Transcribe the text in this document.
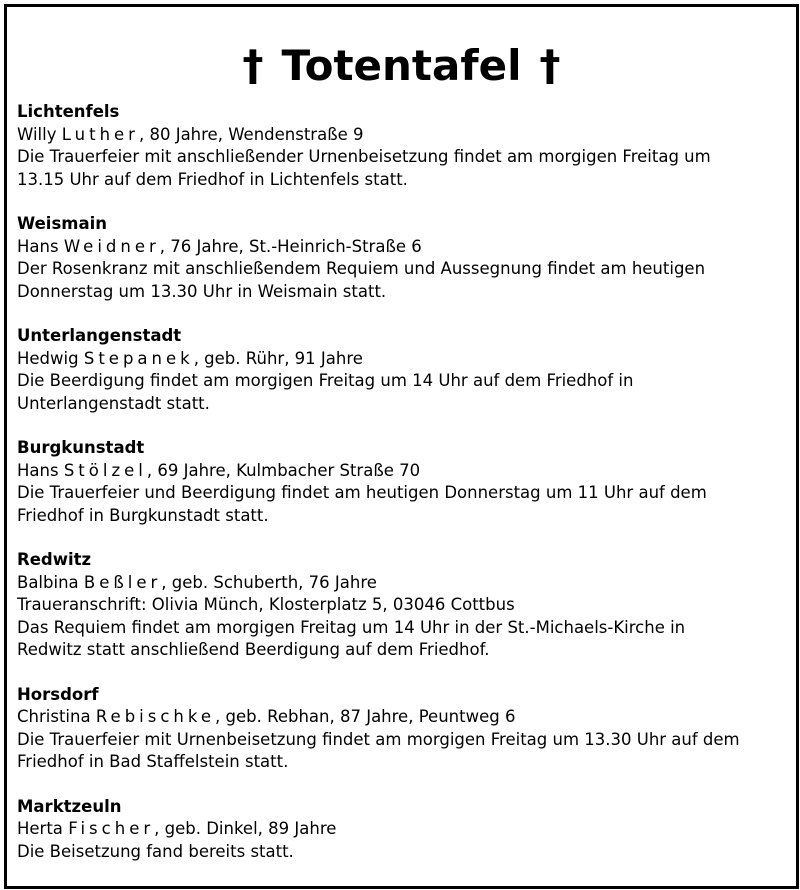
† Totentafel †
Lichtenfels
Willy Luther, 80 Jahre, Wendenstraße 9
Die Trauerfeier mit anschließender Urnenbeisetzung findet am morgigen Freitag um
13.15 Uhr auf dem Friedhof in Lichtenfels statt.
Weismain
Hans Weidner, 76 Jahre, St.-Heinrich-Straße 6
Der Rosenkranz mit anschließendem Requiem und Aussegnung findet am heutigen
Donnerstag um 13.30 Uhr in Weismain statt.
Unterlangenstadt
Hedwig Stepanek, geb. Rühr, 91 Jahre
Die Beerdigung findet am morgigen Freitag um 14 Uhr auf dem Friedhof in
Unterlangenstadt statt.
Burgkunstadt
Hans Stölzel, 69 Jahre, Kulmbacher Straße 70
Die Trauerfeier und Beerdigung findet am heutigen Donnerstag um 11 Uhr auf dem
Friedhof in Burgkunstadt statt.
Redwitz
Balbina Beßler, geb. Schuberth, 76 Jahre
Traueranschrift: Olivia Münch, Klosterplatz 5, 03046 Cottbus
Das Requiem findet am morgigen Freitag um 14 Uhr in der St.-Michaels-Kirche in
Redwitz statt anschließend Beerdigung auf dem Friedhof.
Horsdorf
Christina Rebischke, geb. Rebhan, 87 Jahre, Peuntweg 6
Die Trauerfeier mit Urnenbeisetzung findet am morgigen Freitag um 13.30 Uhr auf dem
Friedhof in Bad Staffelstein statt.
Marktzeuln
Herta Fischer, geb. Dinkel, 89 Jahre
Die Beisetzung fand bereits statt.
